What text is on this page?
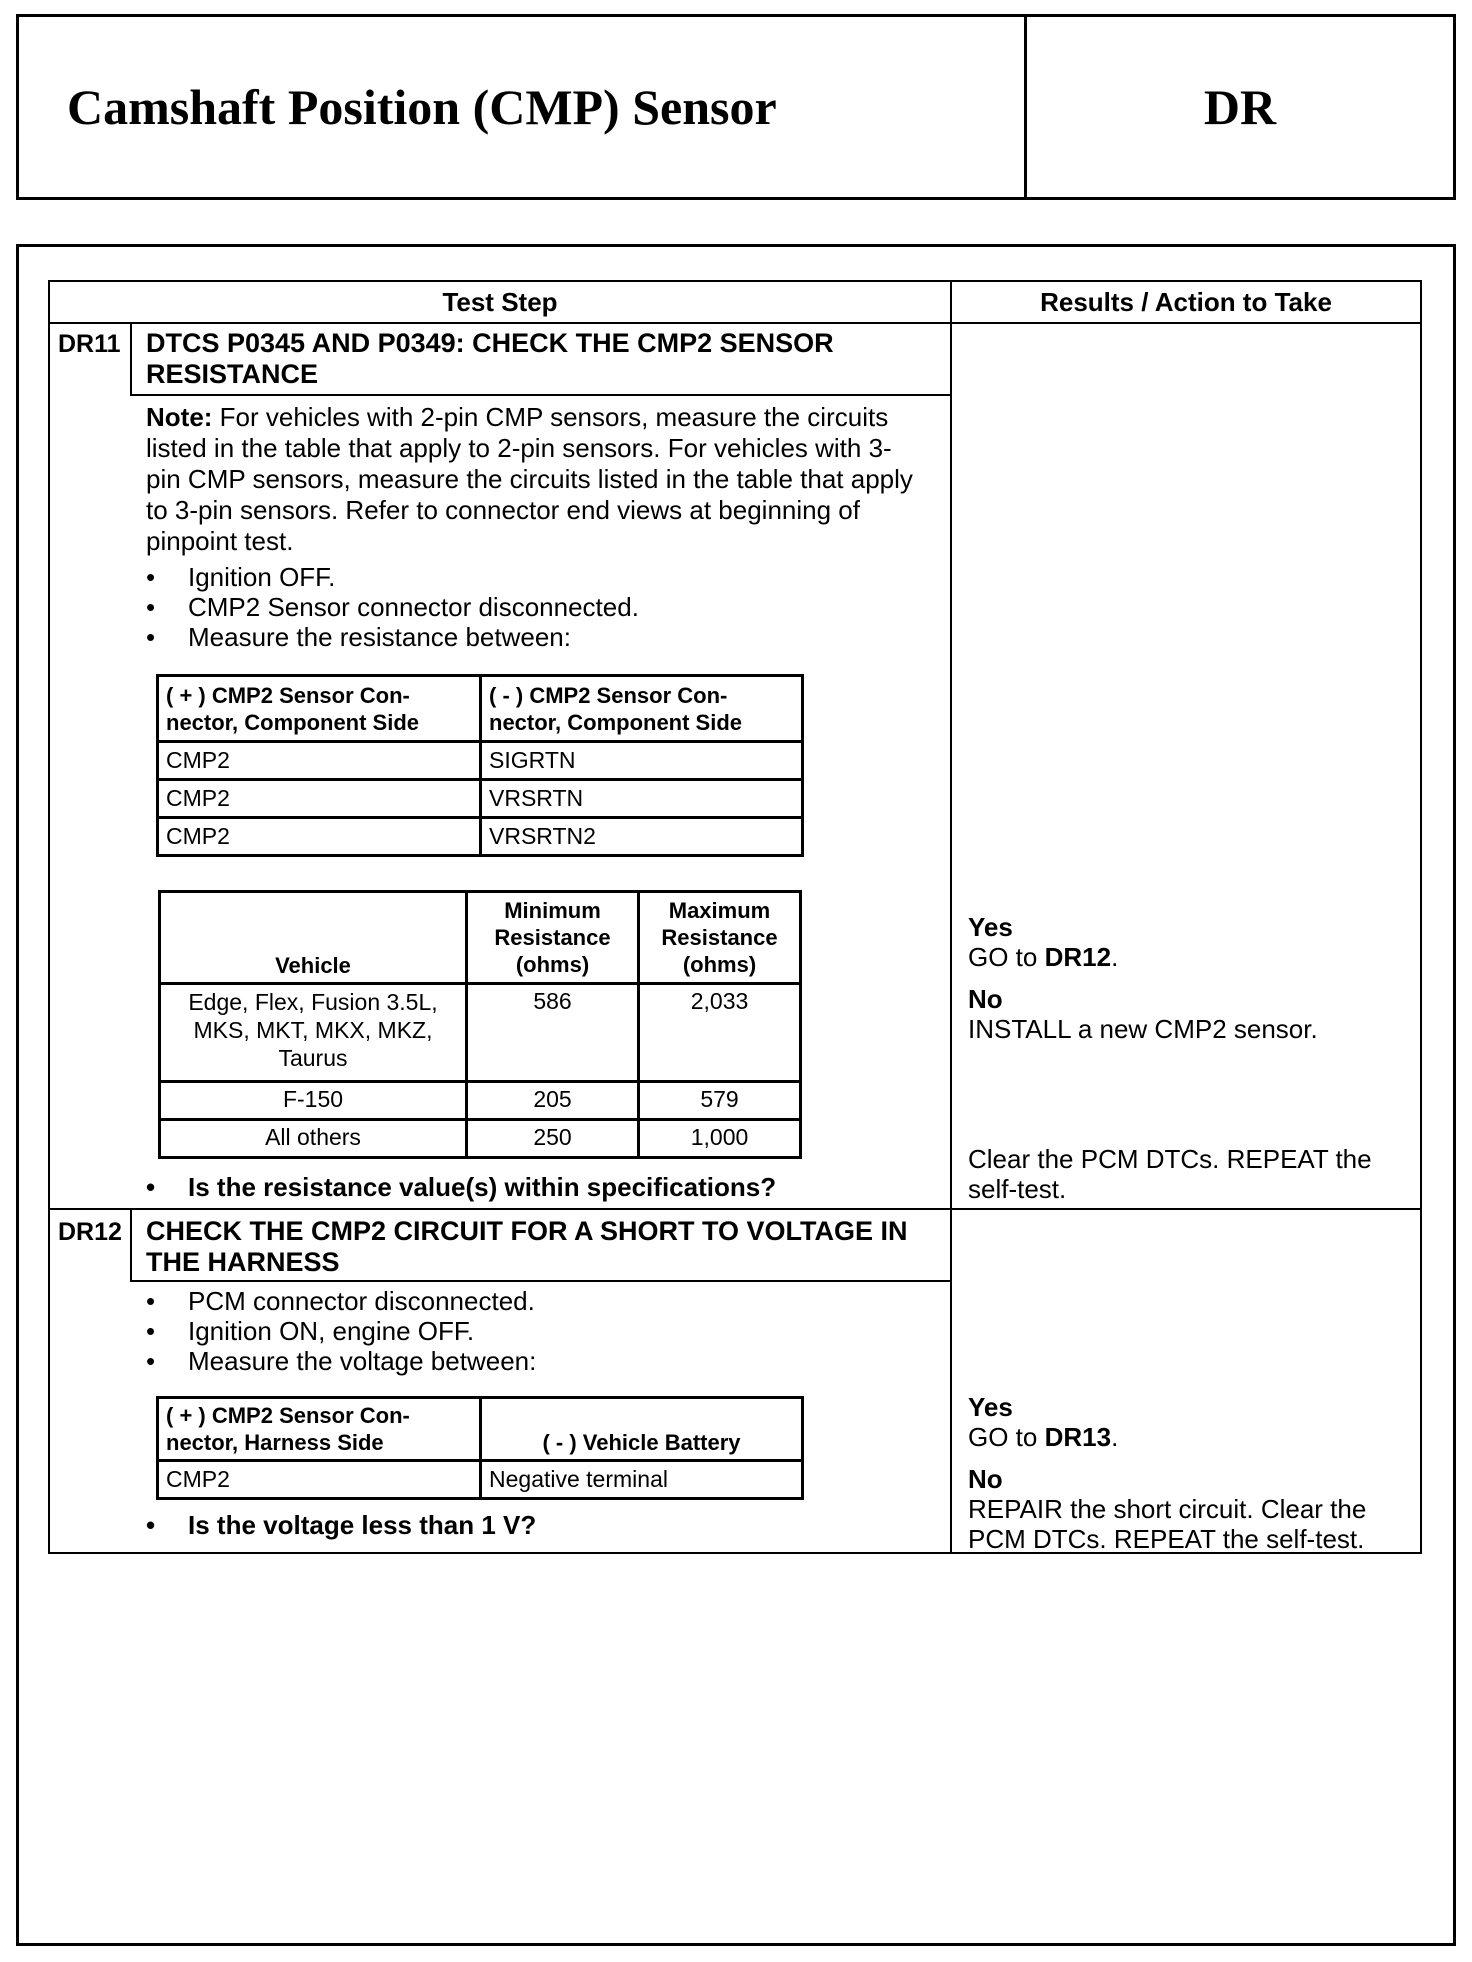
Camshaft Position (CMP) Sensor	DR
Test Step	Results / Action to Take
DR11 DTCS P0345 AND P0349: CHECK THE CMP2 SENSOR RESISTANCE
Note: For vehicles with 2-pin CMP sensors, measure the circuits listed in the table that apply to 2-pin sensors. For vehicles with 3-pin CMP sensors, measure the circuits listed in the table that apply to 3-pin sensors. Refer to connector end views at beginning of pinpoint test.
• Ignition OFF.
• CMP2 Sensor connector disconnected.
• Measure the resistance between:
( + ) CMP2 Sensor Con- nector, Component Side	( - ) CMP2 Sensor Con- nector, Component Side
CMP2	SIGRTN
CMP2	VRSRTN
CMP2	VRSRTN2
Vehicle	Minimum Resistance (ohms)	Maximum Resistance (ohms)
Edge, Flex, Fusion 3.5L, MKS, MKT, MKX, MKZ, Taurus	586	2,033
F-150	205	579
All others	250	1,000
• Is the resistance value(s) within specifications?
Yes
GO to DR12.
No
INSTALL a new CMP2 sensor.
Clear the PCM DTCs. REPEAT the self-test.
DR12 CHECK THE CMP2 CIRCUIT FOR A SHORT TO VOLTAGE IN THE HARNESS
• PCM connector disconnected.
• Ignition ON, engine OFF.
• Measure the voltage between:
( + ) CMP2 Sensor Con- nector, Harness Side	( - ) Vehicle Battery
CMP2	Negative terminal
• Is the voltage less than 1 V?
Yes
GO to DR13.
No
REPAIR the short circuit. Clear the PCM DTCs. REPEAT the self-test.
